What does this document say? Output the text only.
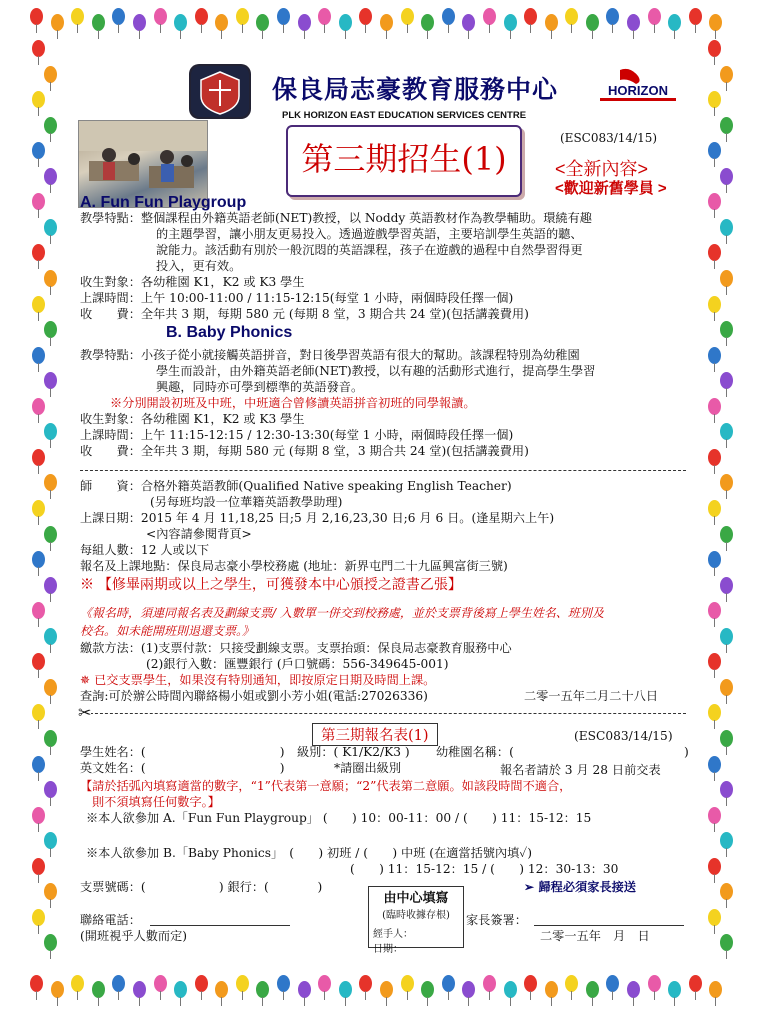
保良局志豪教育服務中心	HORIZON
PLK HORIZON EAST EDUCATION SERVICES CENTRE
第三期招生(1)
(ESC083/14/15)
<全新內容>
<歡迎新舊學員 >
A. Fun Fun Playgroup
教學特點：整個課程由外籍英語老師(NET)教授，以 Noddy 英語教材作為教學輔助。環繞有趣
的主題學習，讓小朋友更易投入。透過遊戲學習英語，主要培訓學生英語的聽、
說能力。該活動有別於一般沉悶的英語課程，孩子在遊戲的過程中自然學習得更
投入，更有效。
收生對象：各幼稚園 K1，K2 或 K3 學生
上課時間：上午 10:00-11:00 / 11:15-12:15(每堂 1 小時，兩個時段任擇一個)
收　　費：全年共 3 期，每期 580 元 (每期 8 堂，3 期合共 24 堂)(包括講義費用)
B. Baby Phonics
教學特點：小孩子從小就接觸英語拼音，對日後學習英語有很大的幫助。該課程特別為幼稚園
學生而設計，由外籍英語老師(NET)教授，以有趣的活動形式進行，提高學生學習
興趣，同時亦可學到標準的英語發音。
※分別開設初班及中班，中班適合曾修讀英語拼音初班的同學報讀。
收生對象：各幼稚園 K1，K2 或 K3 學生
上課時間：上午 11:15-12:15 / 12:30-13:30(每堂 1 小時，兩個時段任擇一個)
收　　費：全年共 3 期，每期 580 元 (每期 8 堂，3 期合共 24 堂)(包括講義費用)
師　　資：合格外籍英語教師(Qualified Native speaking English Teacher)
(另每班均設一位華籍英語教學助理)
上課日期：2015 年 4 月 11,18,25 日;5 月 2,16,23,30 日;6 月 6 日。(逢星期六上午)
<內容請參閱背頁>
每組人數：12 人或以下
報名及上課地點：保良局志豪小學校務處 (地址：新界屯門二十九區興富街三號)
※ 【修畢兩期或以上之學生，可獲發本中心頒授之證書乙張】
《報名時，須連同報名表及劃線支票/ 入數單一併交到校務處，並於支票背後寫上學生姓名、班別及
校名。如未能開班則退還支票。》
繳款方法：(1)支票付款：只接受劃線支票。支票抬頭：保良局志豪教育服務中心
(2)銀行入數：匯豐銀行 (戶口號碼：556-349645-001)
✵ 已交支票學生，如果沒有特別通知，即按原定日期及時間上課。
查詢:可於辦公時間內聯絡楊小姐或劉小芳小姐(電話:27026336)	二零一五年二月二十八日
✂
第三期報名表(1)	(ESC083/14/15)
學生姓名：(　　　　　　　　　　　) 級別：( K1/K2/K3 ) 幼稚園名稱：(	)
英文姓名：(　　　　　　　　　　　)	*請圈出級別	報名者請於 3 月 28 日前交表
【請於括弧內填寫適當的數字，“1”代表第一意願；“2”代表第二意願。如該段時間不適合，
則不須填寫任何數字。】
※本人欲參加 A.「Fun Fun Playgroup」 (　　) 10：00-11：00 / (　　) 11：15-12：15
※本人欲參加 B.「Baby Phonics」　(　　) 初班 / (　　) 中班 (在適當括號內填✓)
(　　) 11：15-12：15 / (　　) 12：30-13：30
支票號碼：(　　　　　　) 銀行：(　　　　)	➢ 歸程必須家長接送
由中心填寫
(臨時收據存根)
經手人：
日期：
聯絡電話：
(開班視乎人數而定)
家長簽署：
二零一五年　月　日
